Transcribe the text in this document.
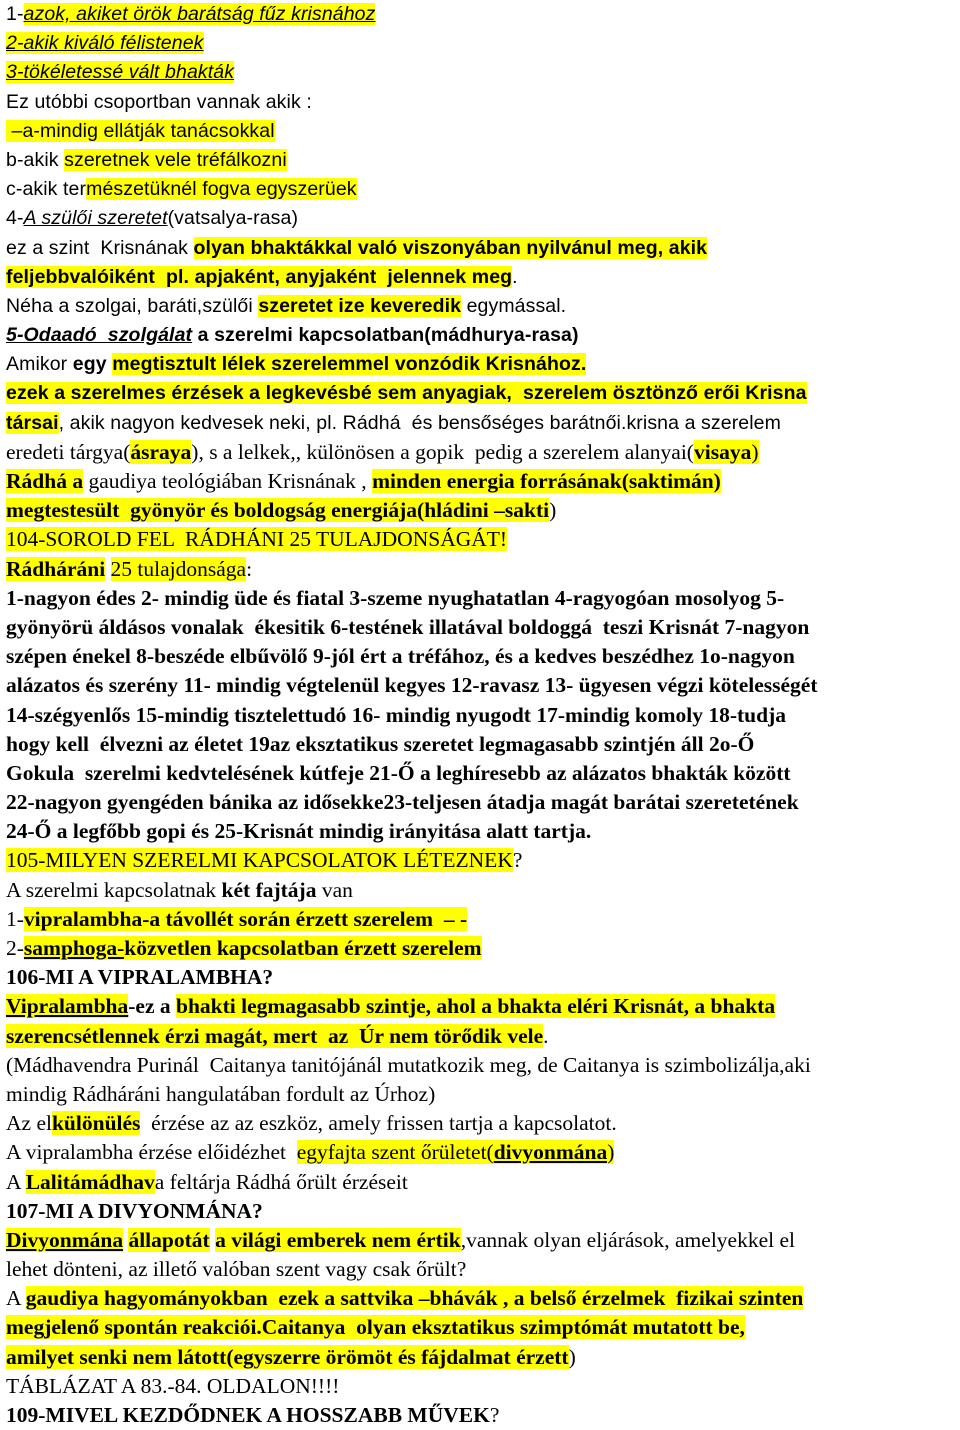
1-azok, akiket örök barátság fűz krisnához
2-akik kiváló félistenek
3-tökéletessé vált bhakták
Ez utóbbi csoportban vannak akik :
–a-mindig ellátják tanácsokkal
b-akik szeretnek vele tréfálkozni
c-akik természetüknél fogva egyszerüek
4-A szülői szeretet(vatsalya-rasa)
ez a szint  Krisnának olyan bhaktákkal való viszonyában nyilvánul meg, akik
feljebbvalóiként  pl. apjaként, anyjaként  jelennek meg.
Néha a szolgai, baráti,szülői szeretet ize keveredik egymással.
5-Odaadó  szolgálat a szerelmi kapcsolatban(mádhurya-rasa)
Amikor egy megtisztult lélek szerelemmel vonzódik Krisnához.
ezek a szerelmes érzések a legkevésbé sem anyagiak,  szerelem ösztönző erői Krisna
társai, akik nagyon kedvesek neki, pl. Rádhá  és bensőséges barátnői.krisna a szerelem
eredeti tárgya(ásraya), s a lelkek,, különösen a gopik  pedig a szerelem alanyai(visaya)
Rádhá a gaudiya teológiában Krisnának , minden energia forrásának(saktimán)
megtestesült  gyönyör és boldogság energiája(hládini –sakti)
104-SOROLD FEL  RÁDHÁNI 25 TULAJDONSÁGÁT!
Rádháráni 25 tulajdonsága:
1-nagyon édes 2- mindig üde és fiatal 3-szeme nyughatatlan 4-ragyogóan mosolyog 5-
gyönyörü áldásos vonalak  ékesitik 6-testének illatával boldoggá  teszi Krisnát 7-nagyon
szépen énekel 8-beszéde elbűvölő 9-jól ért a tréfához, és a kedves beszédhez 1o-nagyon
alázatos és szerény 11- mindig végtelenül kegyes 12-ravasz 13- ügyesen végzi kötelességét
14-szégyenlős 15-mindig tisztelettudó 16- mindig nyugodt 17-mindig komoly 18-tudja
hogy kell  élvezni az életet 19az eksztatikus szeretet legmagasabb szintjén áll 2o-Ő
Gokula  szerelmi kedvtelésének kútfeje 21-Ő a leghíresebb az alázatos bhakták között
22-nagyon gyengéden bánika az idősekke23-teljesen átadja magát barátai szeretetének
24-Ő a legfőbb gopi és 25-Krisnát mindig irányitása alatt tartja.
105-MILYEN SZERELMI KAPCSOLATOK LÉTEZNEK?
A szerelmi kapcsolatnak két fajtája van
1-vipralambha-a távollét során érzett szerelem  – -
2-samphoga-közvetlen kapcsolatban érzett szerelem
106-MI A VIPRALAMBHA?
Vipralambha-ez a bhakti legmagasabb szintje, ahol a bhakta eléri Krisnát, a bhakta
szerencsétlennek érzi magát, mert  az  Úr nem törődik vele.
(Mádhavendra Purinál  Caitanya tanitójánál mutatkozik meg, de Caitanya is szimbolizálja,aki
mindig Rádháráni hangulatában fordult az Úrhoz)
Az elkülönülés  érzése az az eszköz, amely frissen tartja a kapcsolatot.
A vipralambha érzése előidézhet  egyfajta szent őrületet(divyonmána)
A Lalitámádhava feltárja Rádhá őrült érzéseit
107-MI A DIVYONMÁNA?
Divyonmána állapotát a világi emberek nem értik,vannak olyan eljárások, amelyekkel el
lehet dönteni, az illető valóban szent vagy csak őrült?
A gaudiya hagyományokban  ezek a sattvika –bhávák , a belső érzelmek  fizikai szinten
megjelenő spontán reakciói.Caitanya  olyan eksztatikus szimptómát mutatott be,
amilyet senki nem látott(egyszerre örömöt és fájdalmat érzett)
TÁBLÁZAT A 83.-84. OLDALON!!!!
109-MIVEL KEZDŐDNEK A HOSSZABB MŰVEK?
